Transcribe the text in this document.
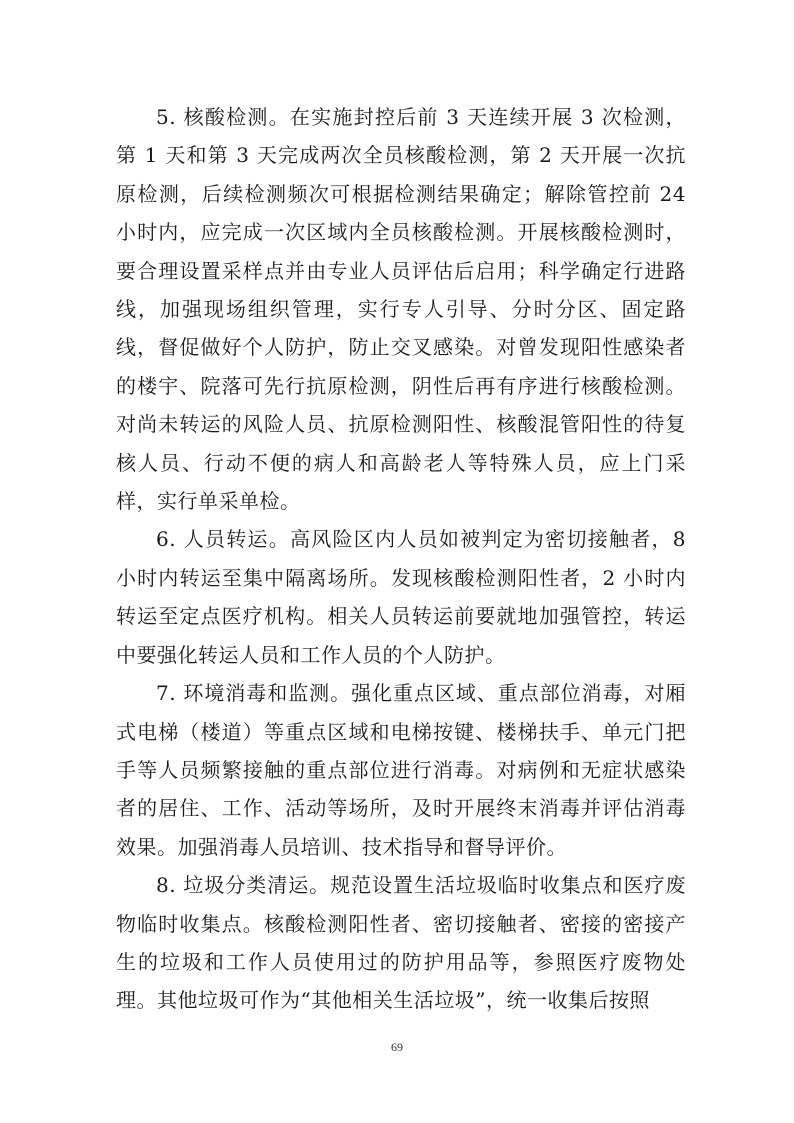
5. 核酸检测。在实施封控后前 3 天连续开展 3 次检测，第 1 天和第 3 天完成两次全员核酸检测，第 2 天开展一次抗原检测，后续检测频次可根据检测结果确定；解除管控前 24 小时内，应完成一次区域内全员核酸检测。开展核酸检测时，要合理设置采样点并由专业人员评估后启用；科学确定行进路线，加强现场组织管理，实行专人引导、分时分区、固定路线，督促做好个人防护，防止交叉感染。对曾发现阳性感染者的楼宇、院落可先行抗原检测，阴性后再有序进行核酸检测。对尚未转运的风险人员、抗原检测阳性、核酸混管阳性的待复核人员、行动不便的病人和高龄老人等特殊人员，应上门采样，实行单采单检。

6. 人员转运。高风险区内人员如被判定为密切接触者，8 小时内转运至集中隔离场所。发现核酸检测阳性者，2 小时内转运至定点医疗机构。相关人员转运前要就地加强管控，转运中要强化转运人员和工作人员的个人防护。

7. 环境消毒和监测。强化重点区域、重点部位消毒，对厢式电梯（楼道）等重点区域和电梯按键、楼梯扶手、单元门把手等人员频繁接触的重点部位进行消毒。对病例和无症状感染者的居住、工作、活动等场所，及时开展终末消毒并评估消毒效果。加强消毒人员培训、技术指导和督导评价。

8. 垃圾分类清运。规范设置生活垃圾临时收集点和医疗废物临时收集点。核酸检测阳性者、密切接触者、密接的密接产生的垃圾和工作人员使用过的防护用品等，参照医疗废物处理。其他垃圾可作为“其他相关生活垃圾”，统一收集后按照

69
